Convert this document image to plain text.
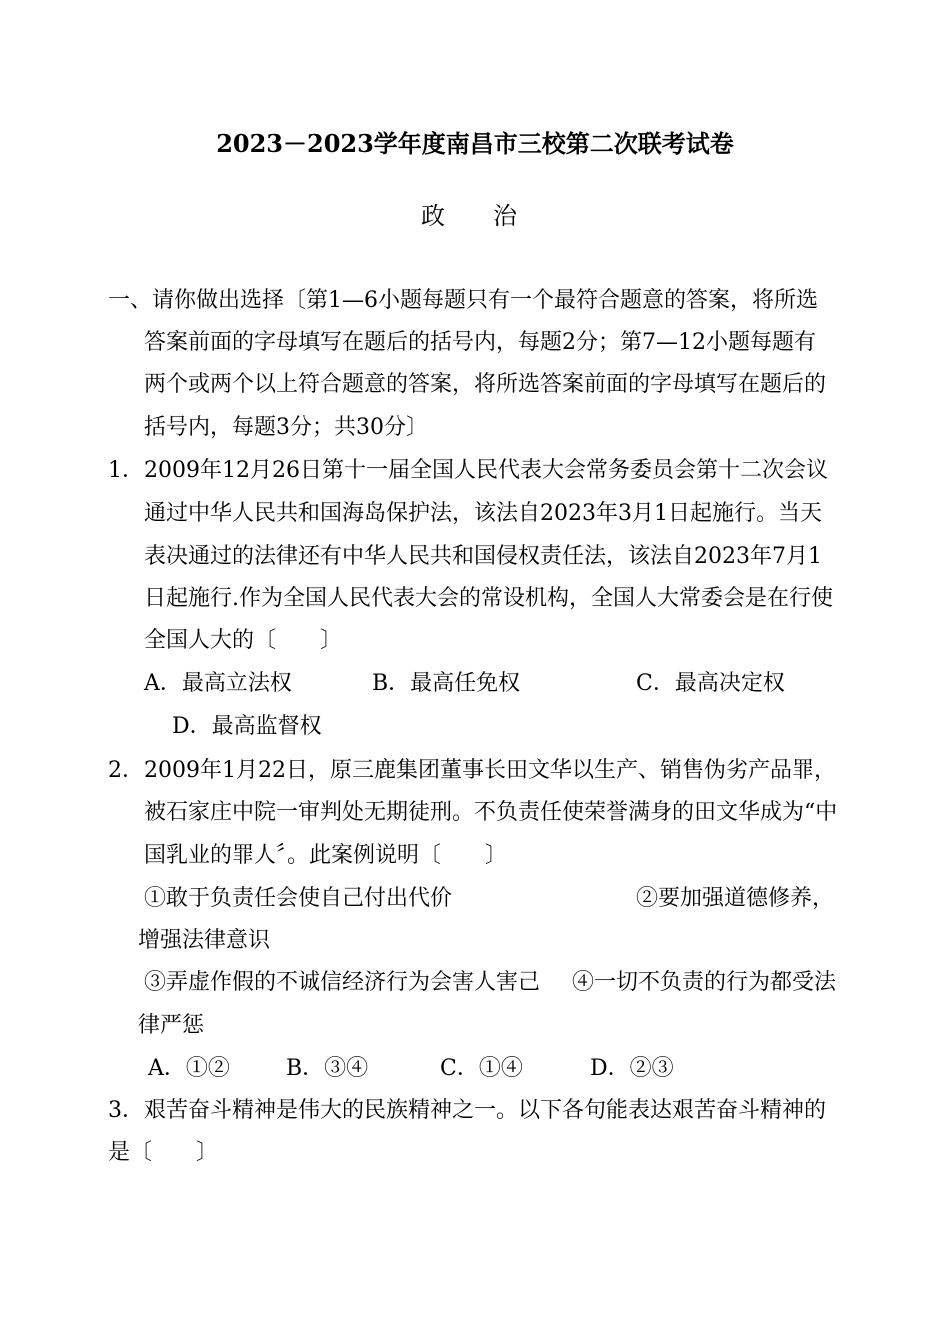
2023－2023学年度南昌市三校第二次联考试卷
政　治
一、请你做出选择〔第1—6小题每题只有一个最符合题意的答案，将所选
答案前面的字母填写在题后的括号内，每题2分；第7—12小题每题有
两个或两个以上符合题意的答案，将所选答案前面的字母填写在题后的
括号内，每题3分；共30分〕
1．2009年12月26日第十一届全国人民代表大会常务委员会第十二次会议
通过中华人民共和国海岛保护法，该法自2023年3月1日起施行。当天
表决通过的法律还有中华人民共和国侵权责任法，该法自2023年7月1
日起施行.作为全国人民代表大会的常设机构，全国人大常委会是在行使
全国人大的〔　　〕
A．最高立法权	B．最高任免权	C．最高决定权
D．最高监督权
2．2009年1月22日，原三鹿集团董事长田文华以生产、销售伪劣产品罪，
被石家庄中院一审判处无期徒刑。不负责任使荣誉满身的田文华成为“中
国乳业的罪人〞。此案例说明〔　　〕
①敢于负责任会使自己付出代价	②要加强道德修养，
增强法律意识
③弄虚作假的不诚信经济行为会害人害己 ④一切不负责的行为都受法
律严惩
A．①②	B．③④	C．①④	D．②③
3．艰苦奋斗精神是伟大的民族精神之一。以下各句能表达艰苦奋斗精神的
是〔　　〕
